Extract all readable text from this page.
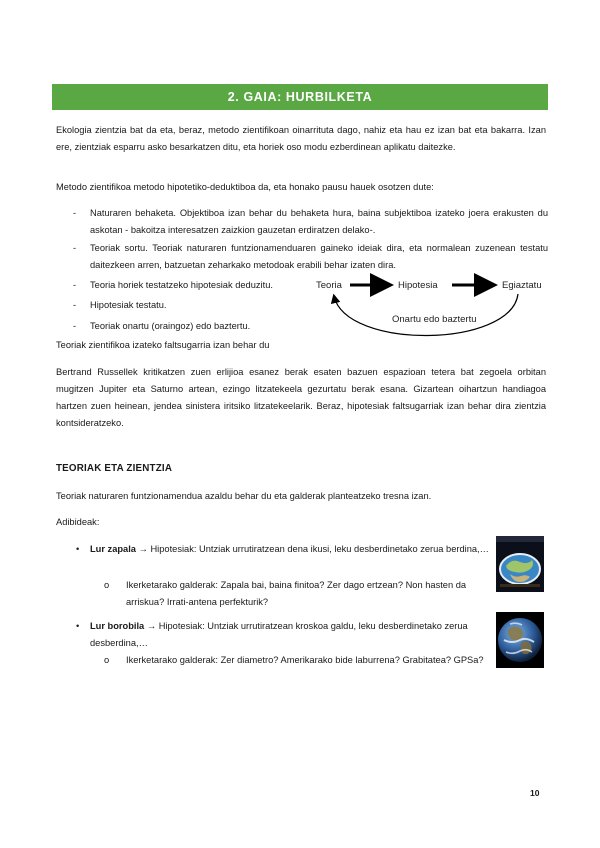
2. GAIA: HURBILKETA
Ekologia zientzia bat da eta, beraz, metodo zientifikoan oinarrituta dago, nahiz eta hau ez izan bat eta bakarra. Izan ere, zientziak esparru asko besarkatzen ditu, eta horiek oso modu ezberdinean aplikatu daitezke.
Metodo zientifikoa metodo hipotetiko-deduktiboa da, eta honako pausu hauek osotzen dute:
- Naturaren behaketa. Objektiboa izan behar du behaketa hura, baina subjektiboa izateko joera erakusten du askotan - bakoitza interesatzen zaizkion gauzetan erdiratzen delako-.
- Teoriak sortu. Teoriak naturaren funtzionamenduaren gaineko ideiak dira, eta normalean zuzenean testatu daitezkeen arren, batzuetan zeharkako metodoak erabili behar izaten dira.
- Teoria horiek testatzeko hipotesiak deduzitu.
- Hipotesiak testatu.
- Teoriak onartu (oraingoz) edo baztertu.
Teoria	Hipotesia	Egiaztatu
Onartu edo baztertu
Teoriak zientifikoa izateko faltsugarria izan behar du
Bertrand Russellek kritikatzen zuen erlijioa esanez berak esaten bazuen espazioan tetera bat zegoela orbitan mugitzen Jupiter eta Saturno artean, ezingo litzatekeela gezurtatu berak esana. Gizartean oihartzun handiagoa hartzen zuen heinean, jendea sinistera iritsiko litzatekeelarik. Beraz, hipotesiak faltsugarriak izan behar dira zientzia kontsideratzeko.
TEORIAK ETA ZIENTZIA
Teoriak naturaren funtzionamendua azaldu behar du eta galderak planteatzeko tresna izan.
Adibideak:
• Lur zapala → Hipotesiak: Untziak urrutiratzean dena ikusi, leku desberdinetako zerua berdina,…
o Ikerketarako galderak: Zapala bai, baina finitoa? Zer dago ertzean? Non hasten da arriskua? Irrati-antena perfekturik?
• Lur borobila → Hipotesiak: Untziak urrutiratzean kroskoa galdu, leku desberdinetako zerua desberdina,…
o Ikerketarako galderak: Zer diametro? Amerikarako bide laburrena? Grabitatea? GPSa?
10
